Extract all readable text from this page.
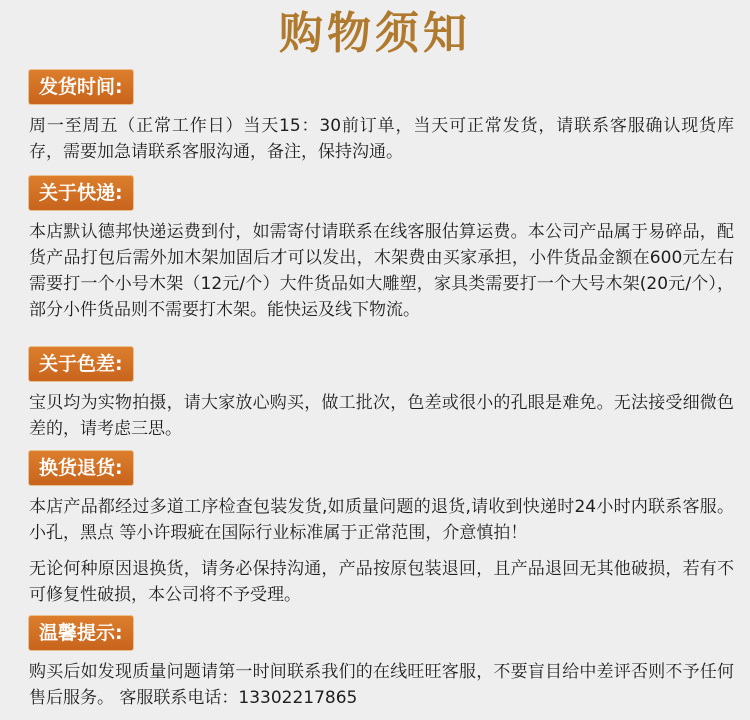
购物须知
发货时间:

周一至周五（正常工作日）当天15：30前订单，当天可正常发货，请联系客服确认现货库存，需要加急请联系客服沟通，备注，保持沟通。

关于快递:

本店默认德邦快递运费到付，如需寄付请联系在线客服估算运费。本公司产品属于易碎品，配货产品打包后需外加木架加固后才可以发出，木架费由买家承担，小件货品金额在600元左右需要打一个小号木架（12元/个）大件货品如大雕塑，家具类需要打一个大号木架(20元/个），部分小件货品则不需要打木架。能快运及线下物流。

关于色差:

宝贝均为实物拍摄，请大家放心购买，做工批次，色差或很小的孔眼是难免。无法接受细微色差的，请考虑三思。

换货退货:

本店产品都经过多道工序检查包装发货,如质量问题的退货,请收到快递时24小时内联系客服。小孔，黑点 等小许瑕疵在国际行业标准属于正常范围，介意慎拍！

无论何种原因退换货，请务必保持沟通，产品按原包装退回，且产品退回无其他破损，若有不可修复性破损，本公司将不予受理。

温馨提示:

购买后如发现质量问题请第一时间联系我们的在线旺旺客服，不要盲目给中差评否则不予任何售后服务。 客服联系电话：13302217865
